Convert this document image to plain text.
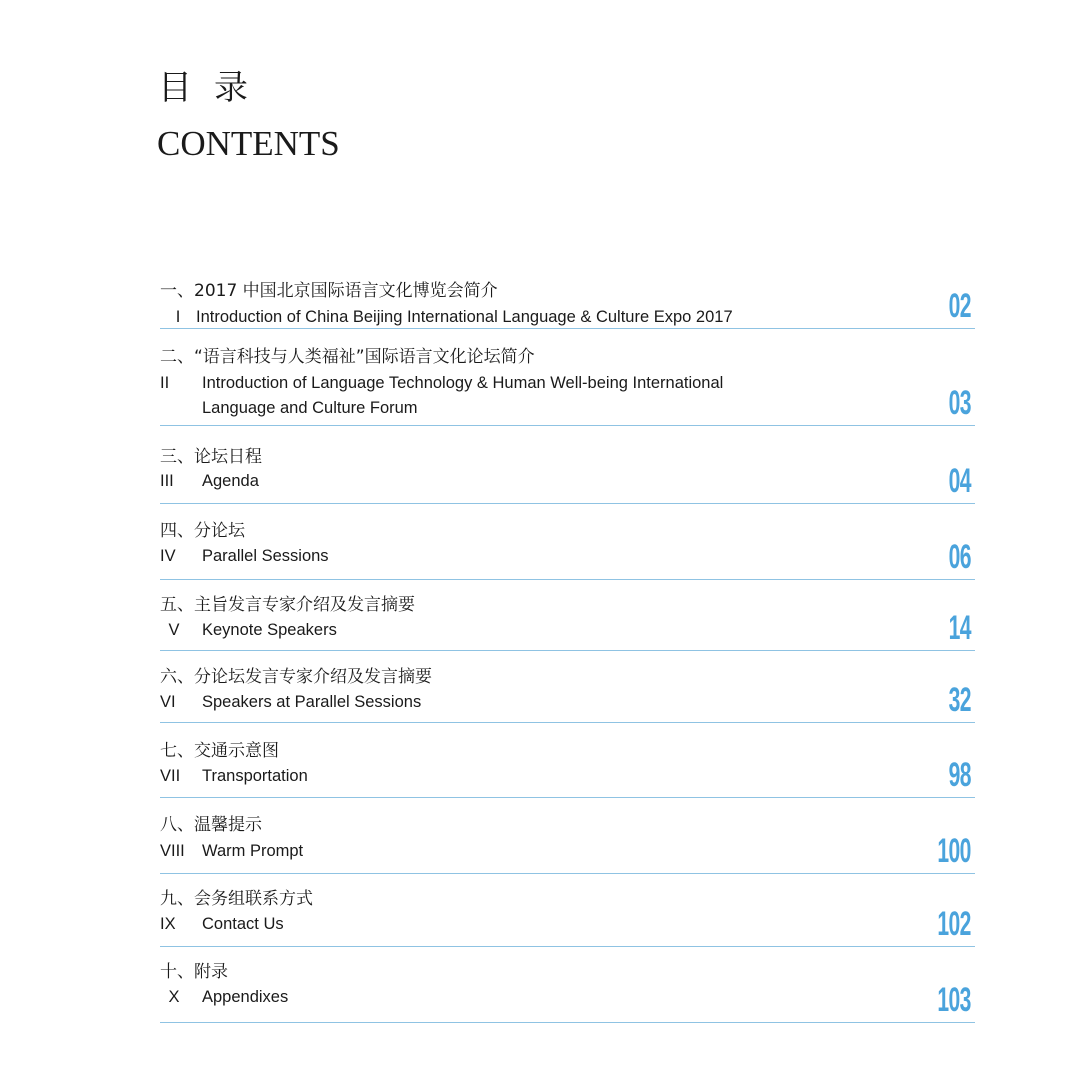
目录
CONTENTS
一、2017 中国北京国际语言文化博览会简介
I Introduction of China Beijing International Language & Culture Expo 2017	02
二、“语言科技与人类福祉”国际语言文化论坛简介
II Introduction of Language Technology & Human Well-being International
Language and Culture Forum	03
三、论坛日程
III Agenda	04
四、分论坛
IV Parallel Sessions	06
五、主旨发言专家介绍及发言摘要
V Keynote Speakers	14
六、分论坛发言专家介绍及发言摘要
VI Speakers at Parallel Sessions	32
七、交通示意图
VII Transportation	98
八、温馨提示
VIII Warm Prompt	100
九、会务组联系方式
IX Contact Us	102
十、附录
X Appendixes	103
